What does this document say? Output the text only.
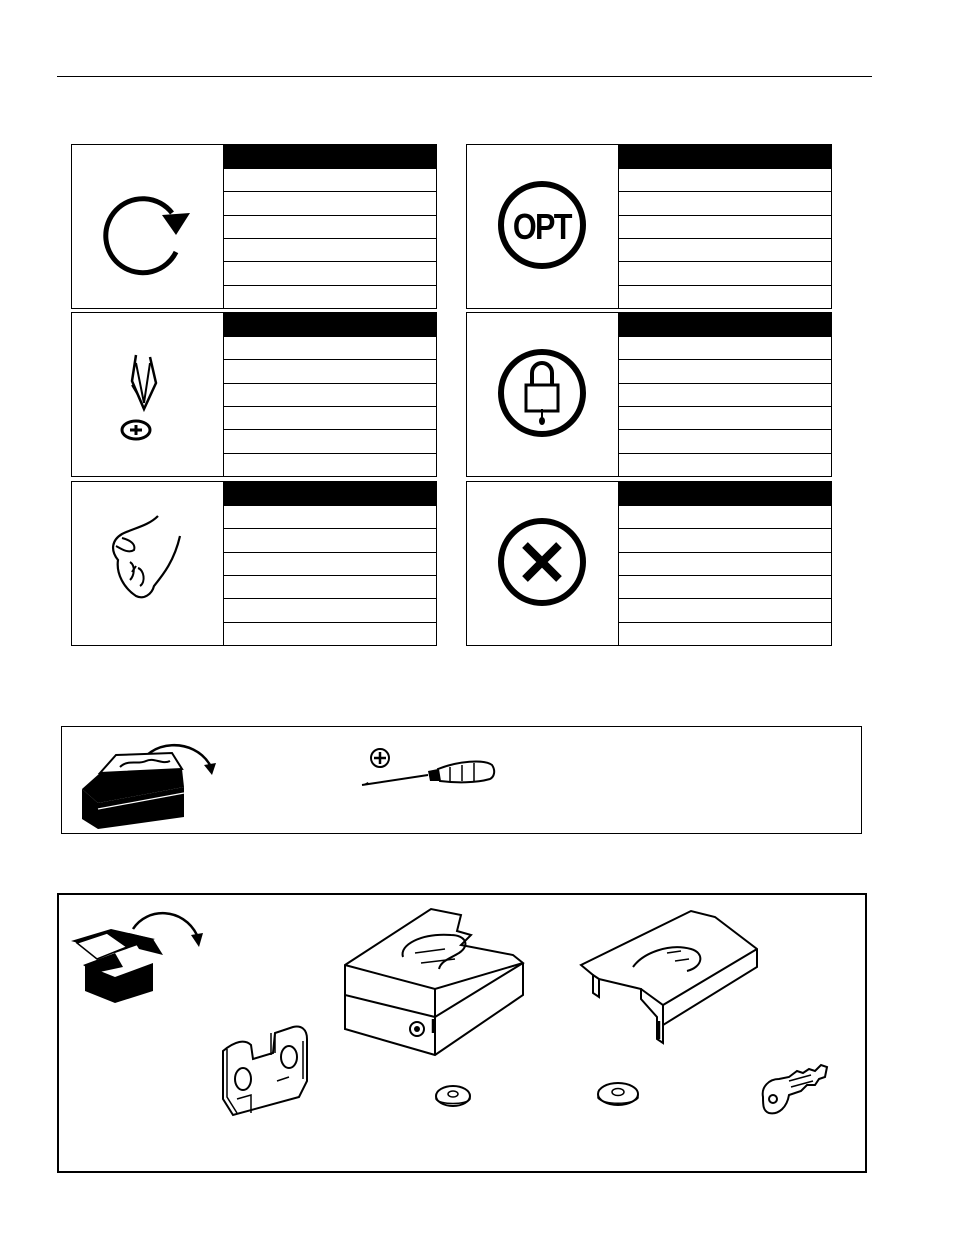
OPT
